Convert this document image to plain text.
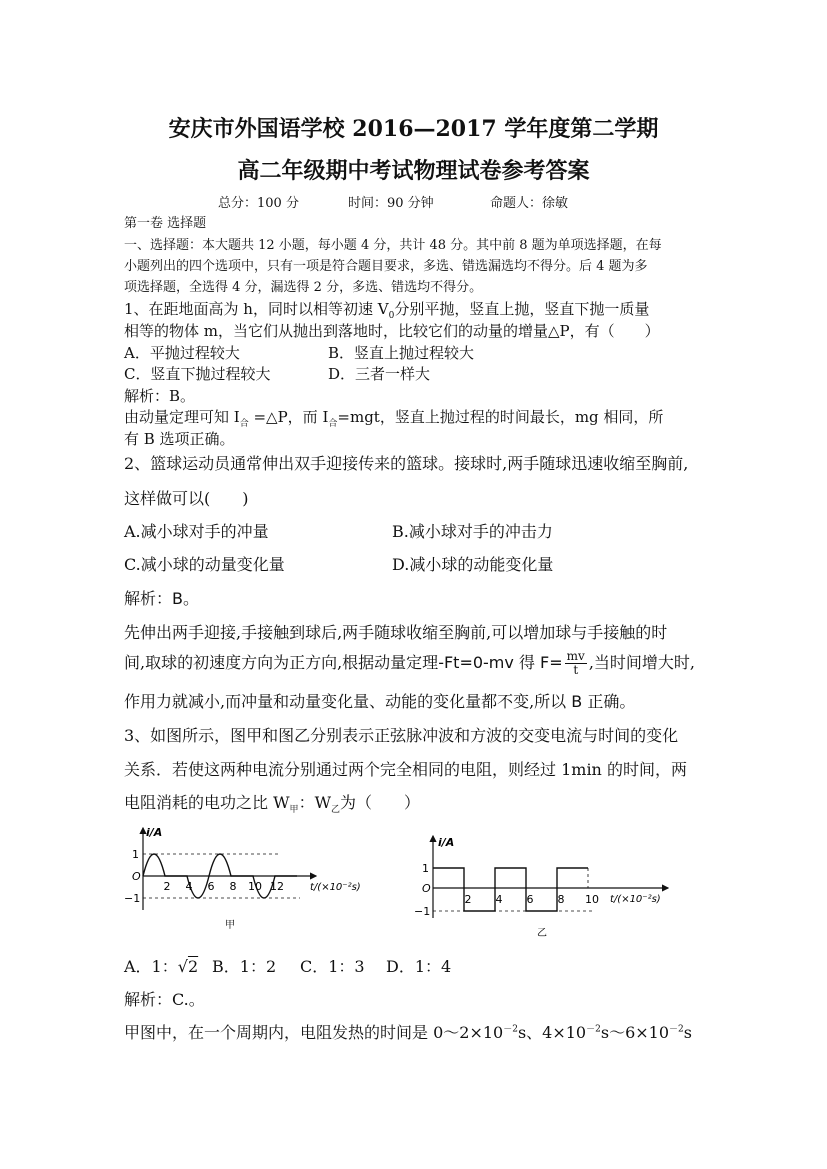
安庆市外国语学校 2016—2017 学年度第二学期
高二年级期中考试物理试卷参考答案
总分：100 分	时间：90 分钟	命题人：徐敏
第一卷 选择题
一、选择题：本大题共 12 小题，每小题 4 分，共计 48 分。其中前 8 题为单项选择题，在每
小题列出的四个选项中，只有一项是符合题目要求，多选、错选漏选均不得分。后 4 题为多
项选择题，全选得 4 分，漏选得 2 分，多选、错选均不得分。
1、在距地面高为 h，同时以相等初速 $V_0$分别平抛，竖直上抛，竖直下抛一质量
相等的物体 m，当它们从抛出到落地时，比较它们的动量的增量△P，有（　　）
A．平抛过程较大	B．竖直上抛过程较大
C．竖直下抛过程较大	D．三者一样大
解析：B。
由动量定理可知 $I_合$ =△P，而 $I_合=mgt$，竖直上抛过程的时间最长，mg 相同，所
有 B 选项正确。
2、篮球运动员通常伸出双手迎接传来的篮球。接球时,两手随球迅速收缩至胸前,
这样做可以(　　)
A.减小球对手的冲量	B.减小球对手的冲击力
C.减小球的动量变化量	D.减小球的动能变化量
解析：B。
先伸出两手迎接,手接触到球后,两手随球收缩至胸前,可以增加球与手接触的时
间,取球的初速度方向为正方向,根据动量定理-Ft=0-mv 得 $F= \frac{mv}{t}$ ,当时间增大时,
作用力就减小,而冲量和动量变化量、动能的变化量都不变,所以 B 正确。
3、如图所示，图甲和图乙分别表示正弦脉冲波和方波的交变电流与时间的变化
关系．若使这两种电流分别通过两个完全相同的电阻，则经过 1min 的时间，两
电阻消耗的电功之比 $W_甲$：$W_乙$为（　　）
i/A
1
O
−1
2 4 6 8 10 12	t/(×10⁻²s)
甲
i/A
1
O
−1
2 4 6 8 10 t/(×10⁻²s)
乙
A．1：√2 B．1：2 C．1：3 D．1：4
解析：C.。
甲图中，在一个周期内，电阻发热的时间是 $0\sim 2\times 10^{-2}s$、$4\times 10^{-2}s\sim 6\times 10^{-2}s$
